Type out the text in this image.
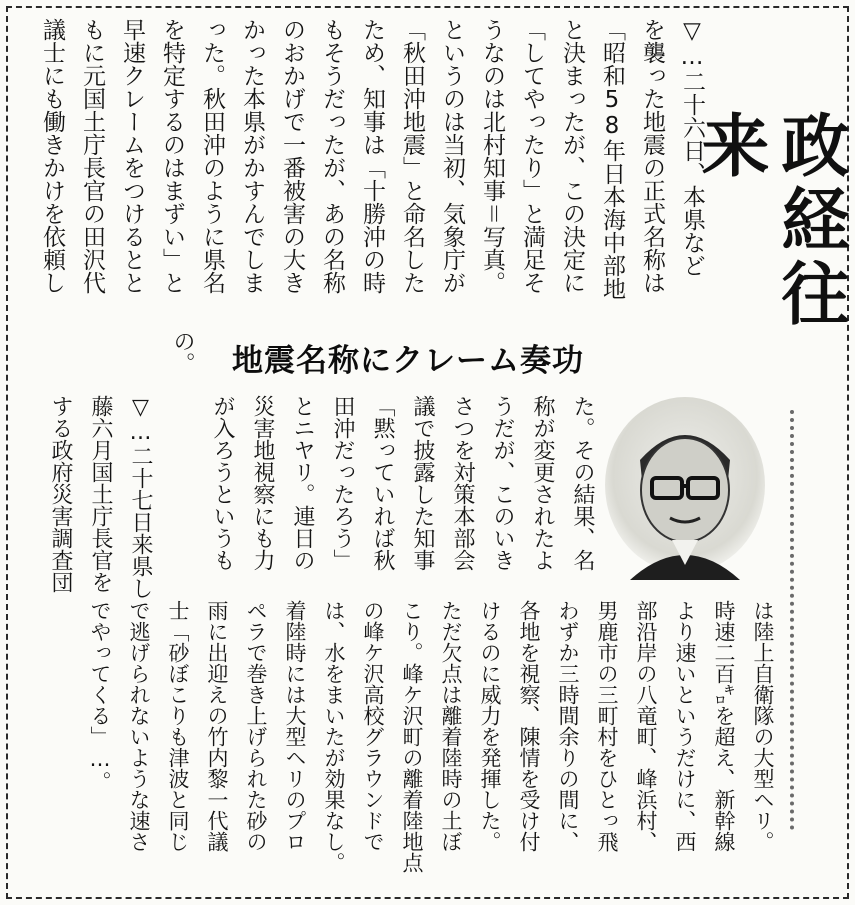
政経往来
地震名称にクレーム奏功
▽…二十六日、本県など
を襲った地震の正式名称は
「昭和58年日本海中部地
と決まったが、この決定に
「してやったり」と満足そ
うなのは北村知事＝写真。
というのは当初、気象庁が
「秋田沖地震」と命名した
ため、知事は「十勝沖の時
もそうだったが、あの名称
のおかげで一番被害の大き
かった本県がかすんでしま
った。秋田沖のように県名
を特定するのはまずい」と
早速クレームをつけるとと
もに元国土庁長官の田沢代
議士にも働きかけを依頼し
た。その結果、名
称が変更されたよ
うだが、このいき
さつを対策本部会
議で披露した知事
「黙っていれば秋
田沖だったろう」
とニヤリ。連日の
災害地視察にも力
が入ろうというも
▽…二十七日来県し
藤六月国土庁長官を
する政府災害調査団
は陸上自衛隊の大型ヘリ。
時速二百㌔を超え、新幹線
より速いというだけに、西
部沿岸の八竜町、峰浜村、
男鹿市の三町村をひとっ飛
わずか三時間余りの間に、
各地を視察、陳情を受け付
けるのに威力を発揮した。
ただ欠点は離着陸時の土ぼ
こり。峰ケ沢町の離着陸地点
の峰ケ沢高校グラウンドで
は、水をまいたが効果なし。
着陸時には大型ヘリのプロ
ペラで巻き上げられた砂の
雨に出迎えの竹内黎一代議
士「砂ぼこりも津波と同じ
で逃げられないような速さ
でやってくる」…。
の。
